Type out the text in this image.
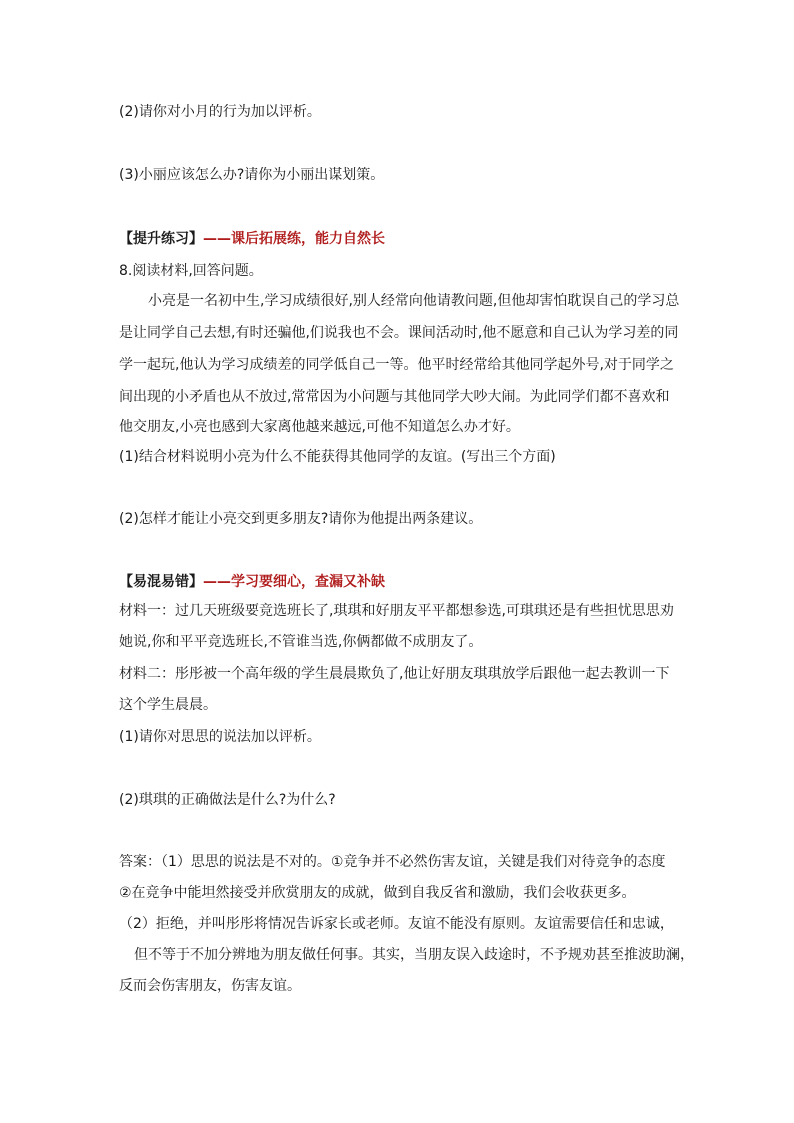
(2)请你对小月的行为加以评析。
(3)小丽应该怎么办?请你为小丽出谋划策。
【提升练习】——课后拓展练，能力自然长
8.阅读材料,回答问题。
小亮是一名初中生,学习成绩很好,别人经常向他请教问题,但他却害怕耽误自己的学习总
是让同学自己去想,有时还骗他,们说我也不会。课间活动时,他不愿意和自己认为学习差的同
学一起玩,他认为学习成绩差的同学低自己一等。他平时经常给其他同学起外号,对于同学之
间出现的小矛盾也从不放过,常常因为小问题与其他同学大吵大闹。为此同学们都不喜欢和
他交朋友,小亮也感到大家离他越来越远,可他不知道怎么办才好。
(1)结合材料说明小亮为什么不能获得其他同学的友谊。(写出三个方面)
(2)怎样才能让小亮交到更多朋友?请你为他提出两条建议。
【易混易错】——学习要细心，查漏又补缺
材料一：过几天班级要竞选班长了,琪琪和好朋友平平都想参选,可琪琪还是有些担忧思思劝
她说,你和平平竞选班长,不管谁当选,你俩都做不成朋友了。
材料二：彤彤被一个高年级的学生晨晨欺负了,他让好朋友琪琪放学后跟他一起去教训一下
这个学生晨晨。
(1)请你对思思的说法加以评析。
(2)琪琪的正确做法是什么?为什么?
答案：（1）思思的说法是不对的。①竞争并不必然伤害友谊，关键是我们对待竞争的态度
②在竞争中能坦然接受并欣赏朋友的成就，做到自我反省和激励，我们会收获更多。
（2）拒绝，并叫彤彤将情况告诉家长或老师。友谊不能没有原则。友谊需要信任和忠诚，
但不等于不加分辨地为朋友做任何事。其实，当朋友误入歧途时，不予规劝甚至推波助澜，
反而会伤害朋友，伤害友谊。
